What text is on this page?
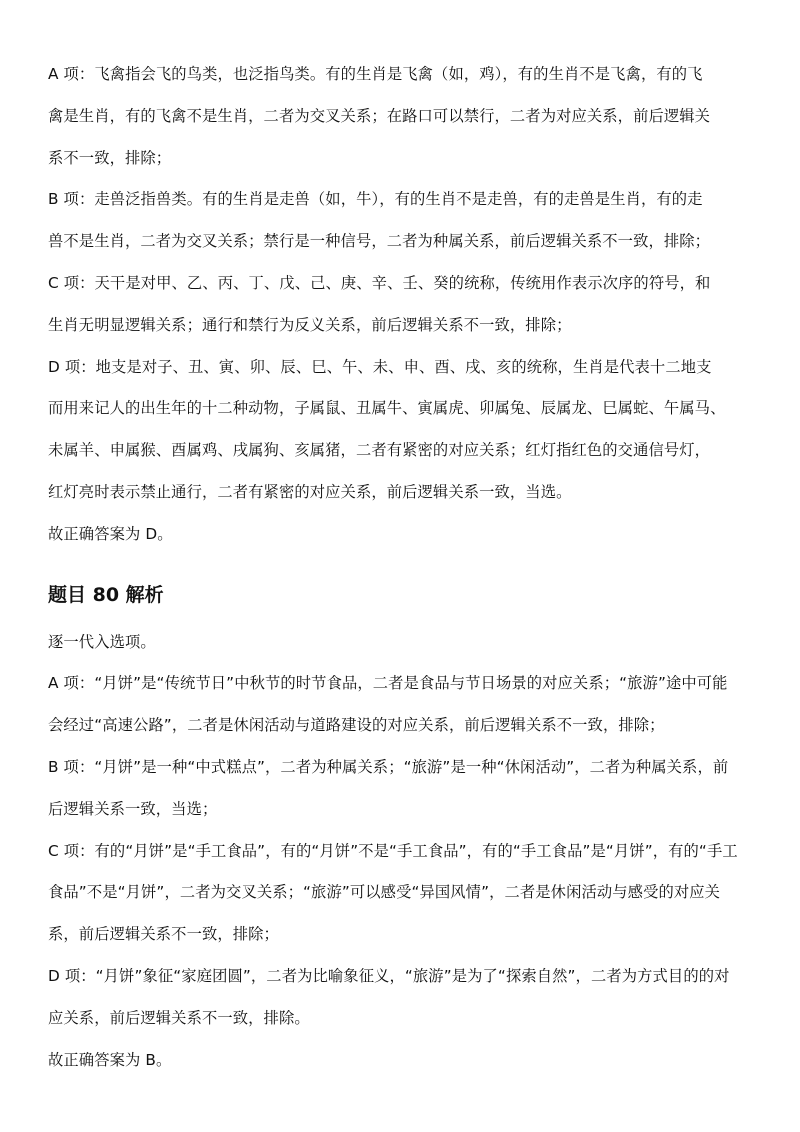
A 项：飞禽指会飞的鸟类，也泛指鸟类。有的生肖是飞禽（如，鸡），有的生肖不是飞禽，有的飞
禽是生肖，有的飞禽不是生肖，二者为交叉关系；在路口可以禁行，二者为对应关系，前后逻辑关
系不一致，排除；
B 项：走兽泛指兽类。有的生肖是走兽（如，牛），有的生肖不是走兽，有的走兽是生肖，有的走
兽不是生肖，二者为交叉关系；禁行是一种信号，二者为种属关系，前后逻辑关系不一致，排除；
C 项：天干是对甲、乙、丙、丁、戊、己、庚、辛、壬、癸的统称，传统用作表示次序的符号，和
生肖无明显逻辑关系；通行和禁行为反义关系，前后逻辑关系不一致，排除；
D 项：地支是对子、丑、寅、卯、辰、巳、午、未、申、酉、戌、亥的统称，生肖是代表十二地支
而用来记人的出生年的十二种动物，子属鼠、丑属牛、寅属虎、卯属兔、辰属龙、巳属蛇、午属马、
未属羊、申属猴、酉属鸡、戌属狗、亥属猪，二者有紧密的对应关系；红灯指红色的交通信号灯，
红灯亮时表示禁止通行，二者有紧密的对应关系，前后逻辑关系一致，当选。
故正确答案为 D。
题目 80 解析
逐一代入选项。
A 项：“月饼”是“传统节日”中秋节的时节食品，二者是食品与节日场景的对应关系；“旅游”途中可能
会经过“高速公路”，二者是休闲活动与道路建设的对应关系，前后逻辑关系不一致，排除；
B 项：“月饼”是一种“中式糕点”，二者为种属关系；“旅游”是一种“休闲活动”，二者为种属关系，前
后逻辑关系一致，当选；
C 项：有的“月饼”是“手工食品”，有的“月饼”不是“手工食品”，有的“手工食品”是“月饼”，有的“手工
食品”不是“月饼”，二者为交叉关系；“旅游”可以感受“异国风情”，二者是休闲活动与感受的对应关
系，前后逻辑关系不一致，排除；
D 项：“月饼”象征“家庭团圆”，二者为比喻象征义，“旅游”是为了“探索自然”，二者为方式目的的对
应关系，前后逻辑关系不一致，排除。
故正确答案为 B。
